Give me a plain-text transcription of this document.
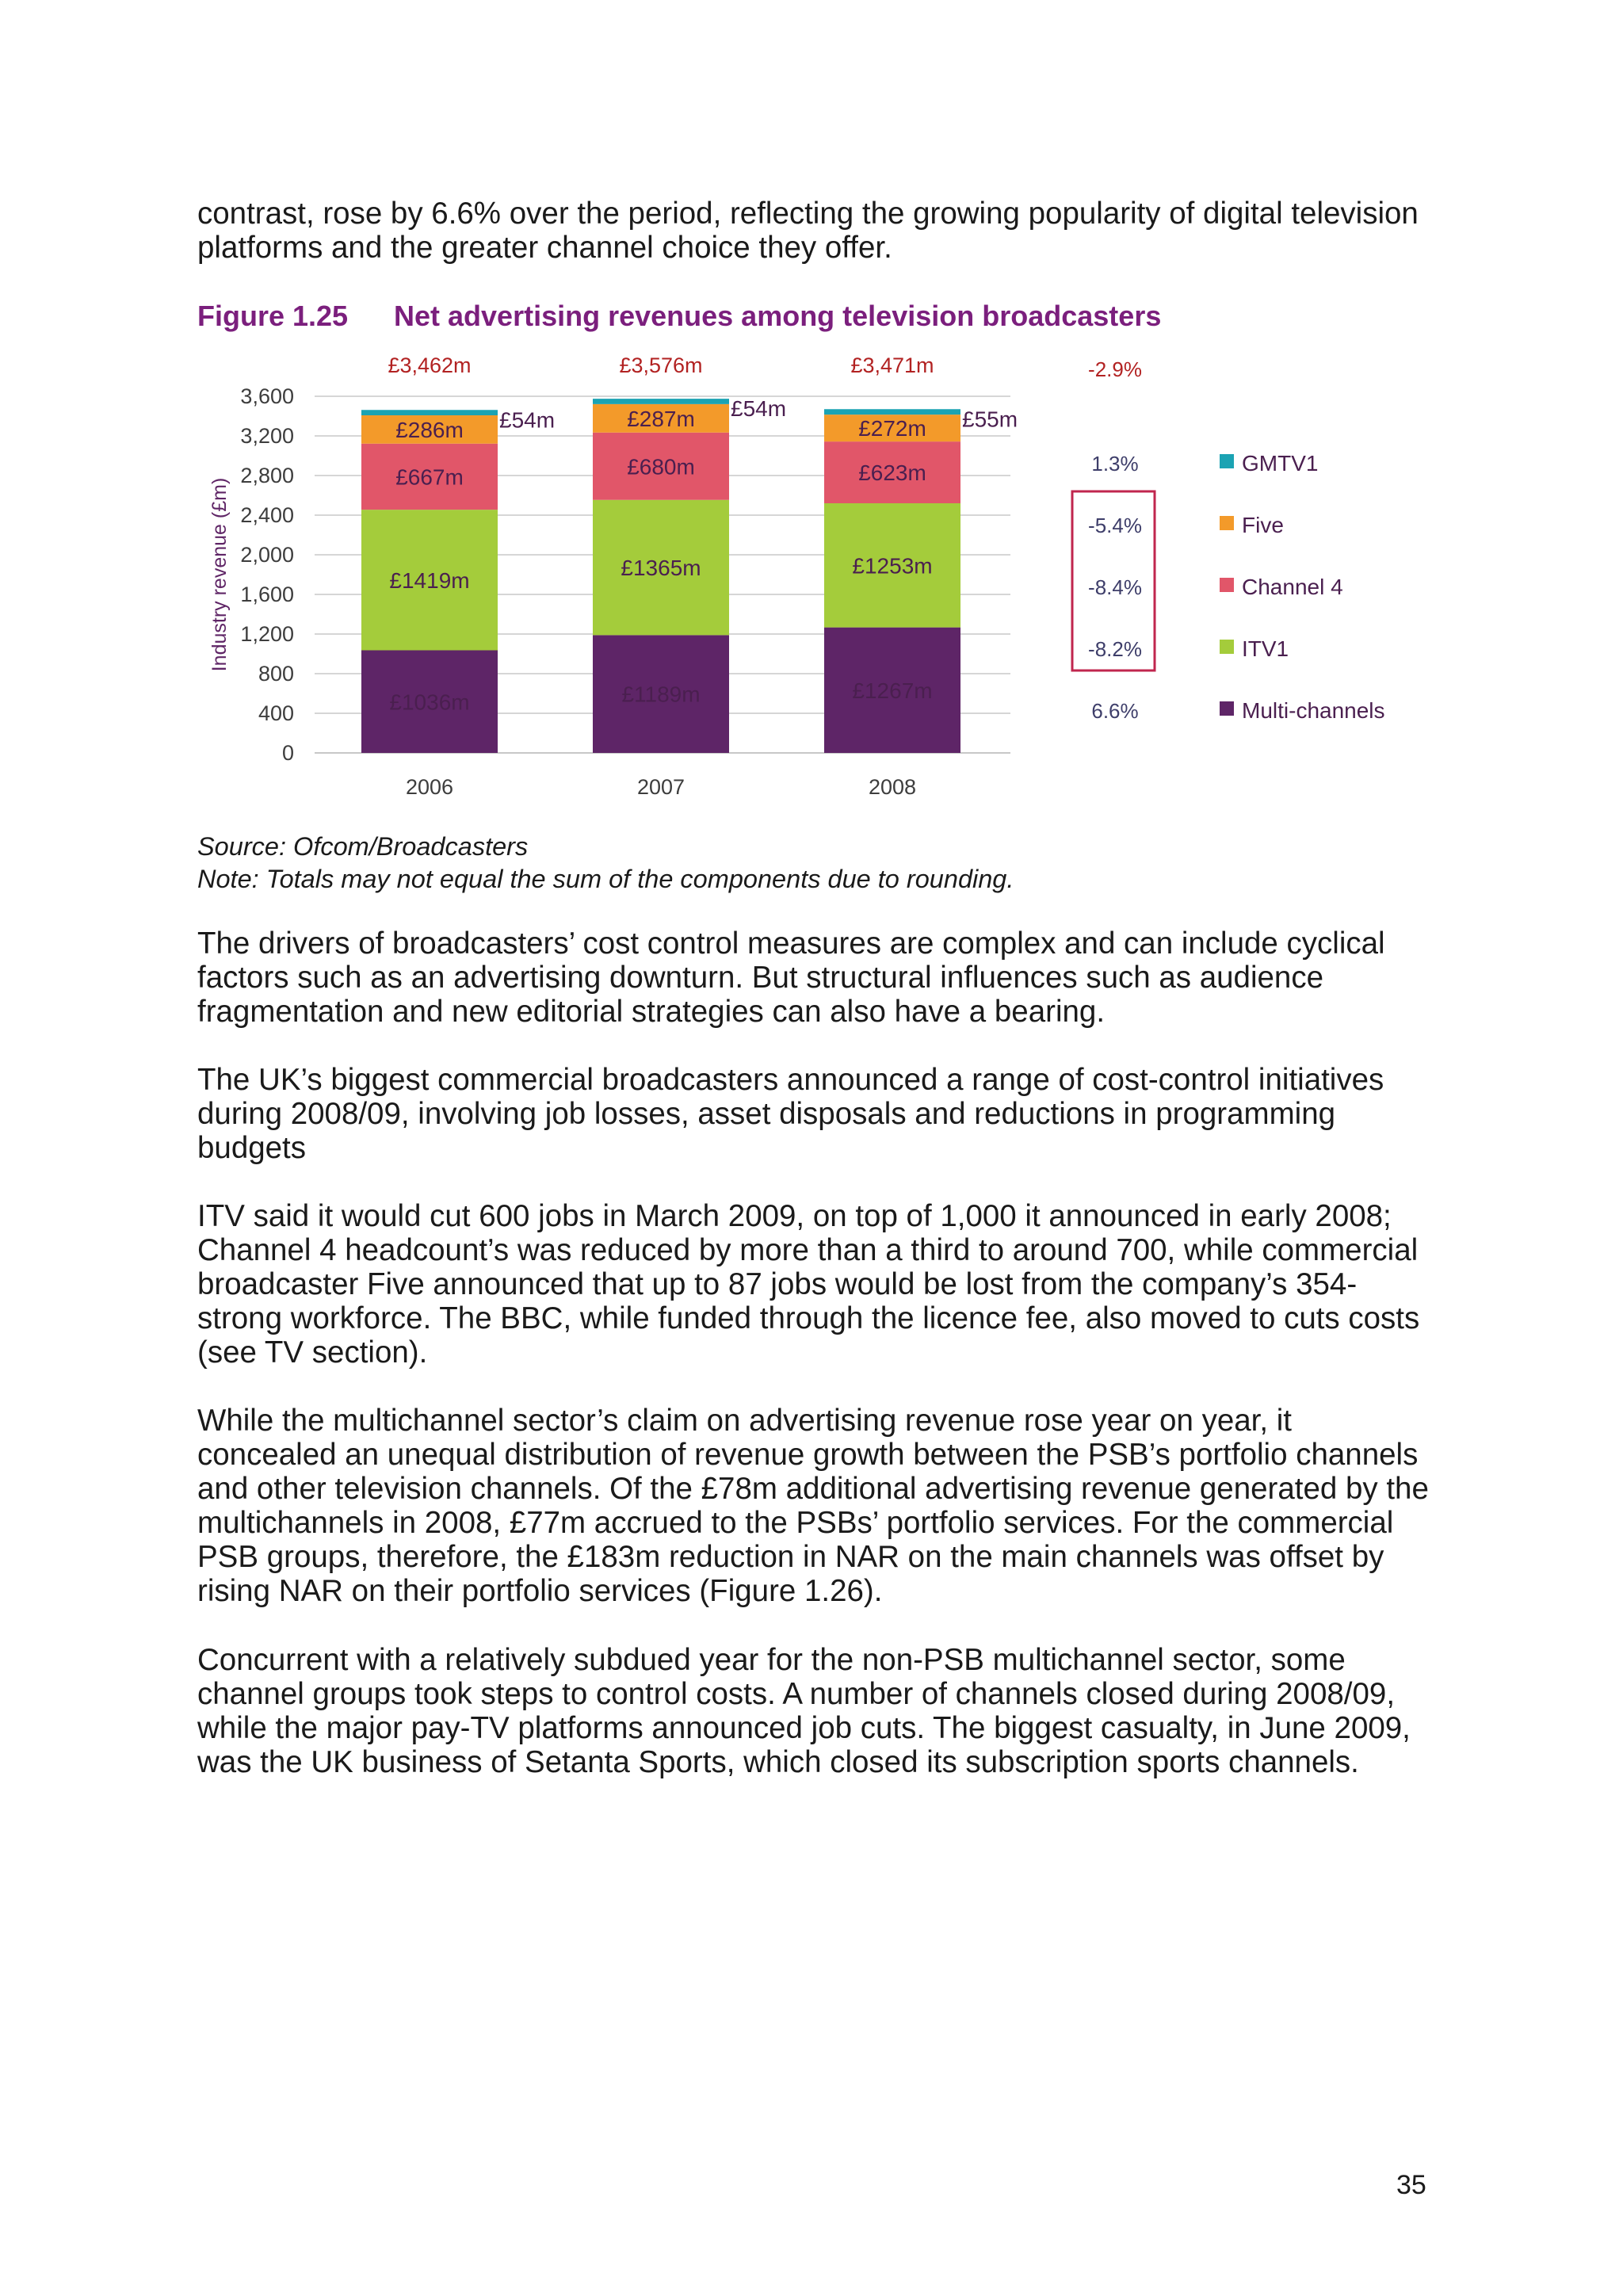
contrast, rose by 6.6% over the period, reflecting the growing popularity of digital television platforms and the greater channel choice they offer.

Figure 1.25 Net advertising revenues among television broadcasters
0
400
800
1,200
1,600
2,000
2,400
2,800
3,200
3,600
Industry revenue (£m)
£1036m
£1419m
£667m
£286m £54m
£3,462m
2006
£1189m
£1365m
£680m
£287m £54m
£3,576m
2007
£1267m
£1253m
£623m
£272m £55m
£3,471m
2008
-2.9%
1.3%	GMTV1
-5.4%	Five
-8.4%	Channel 4
-8.2%	ITV1
6.6%	Multi-channels
Source: Ofcom/Broadcasters
Note: Totals may not equal the sum of the components due to rounding.

The drivers of broadcasters’ cost control measures are complex and can include cyclical factors such as an advertising downturn. But structural influences such as audience fragmentation and new editorial strategies can also have a bearing.

The UK’s biggest commercial broadcasters announced a range of cost-control initiatives during 2008/09, involving job losses, asset disposals and reductions in programming budgets

ITV said it would cut 600 jobs in March 2009, on top of 1,000 it announced in early 2008; Channel 4 headcount’s was reduced by more than a third to around 700, while commercial broadcaster Five announced that up to 87 jobs would be lost from the company’s 354-strong workforce. The BBC, while funded through the licence fee, also moved to cuts costs (see TV section).

While the multichannel sector’s claim on advertising revenue rose year on year, it concealed an unequal distribution of revenue growth between the PSB’s portfolio channels and other television channels. Of the £78m additional advertising revenue generated by the multichannels in 2008, £77m accrued to the PSBs’ portfolio services. For the commercial PSB groups, therefore, the £183m reduction in NAR on the main channels was offset by rising NAR on their portfolio services (Figure 1.26).

Concurrent with a relatively subdued year for the non-PSB multichannel sector, some channel groups took steps to control costs. A number of channels closed during 2008/09, while the major pay-TV platforms announced job cuts. The biggest casualty, in June 2009, was the UK business of Setanta Sports, which closed its subscription sports channels.

35
